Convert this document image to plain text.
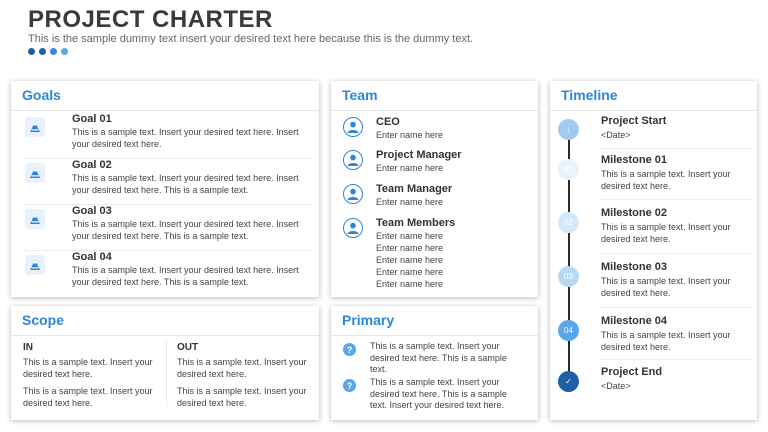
PROJECT CHARTER
This is the sample dummy text insert your desired text here because this is the dummy text.
Goals
Goal 01
This is a sample text. Insert your desired text here. Insert your desired text here.
Goal 02
This is a sample text. Insert your desired text here. Insert your desired text here. This is a sample text.
Goal 03
This is a sample text. Insert your desired text here. Insert your desired text here. This is a sample text.
Goal 04
This is a sample text. Insert your desired text here. Insert your desired text here. This is a sample text.
Team
CEO
Enter name here
Project Manager
Enter name here
Team Manager
Enter name here
Team Members
Enter name here
Enter name here
Enter name here
Enter name here
Enter name here
Timeline
↓
Project Start
<Date>
01
Milestone 01
This is a sample text. Insert your desired text here.
02
Milestone 02
This is a sample text. Insert your desired text here.
03
Milestone 03
This is a sample text. Insert your desired text here.
04
Milestone 04
This is a sample text. Insert your desired text here.
✓
Project End
<Date>
Scope
IN
This is a sample text. Insert your desired text here.
This is a sample text. Insert your desired text here.
OUT
This is a sample text. Insert your desired text here.
This is a sample text. Insert your desired text here.
Primary
?	This is a sample text. Insert your desired text here. This is a sample text.
?	This is a sample text. Insert your desired text here. This is a sample text. Insert your desired text here.
